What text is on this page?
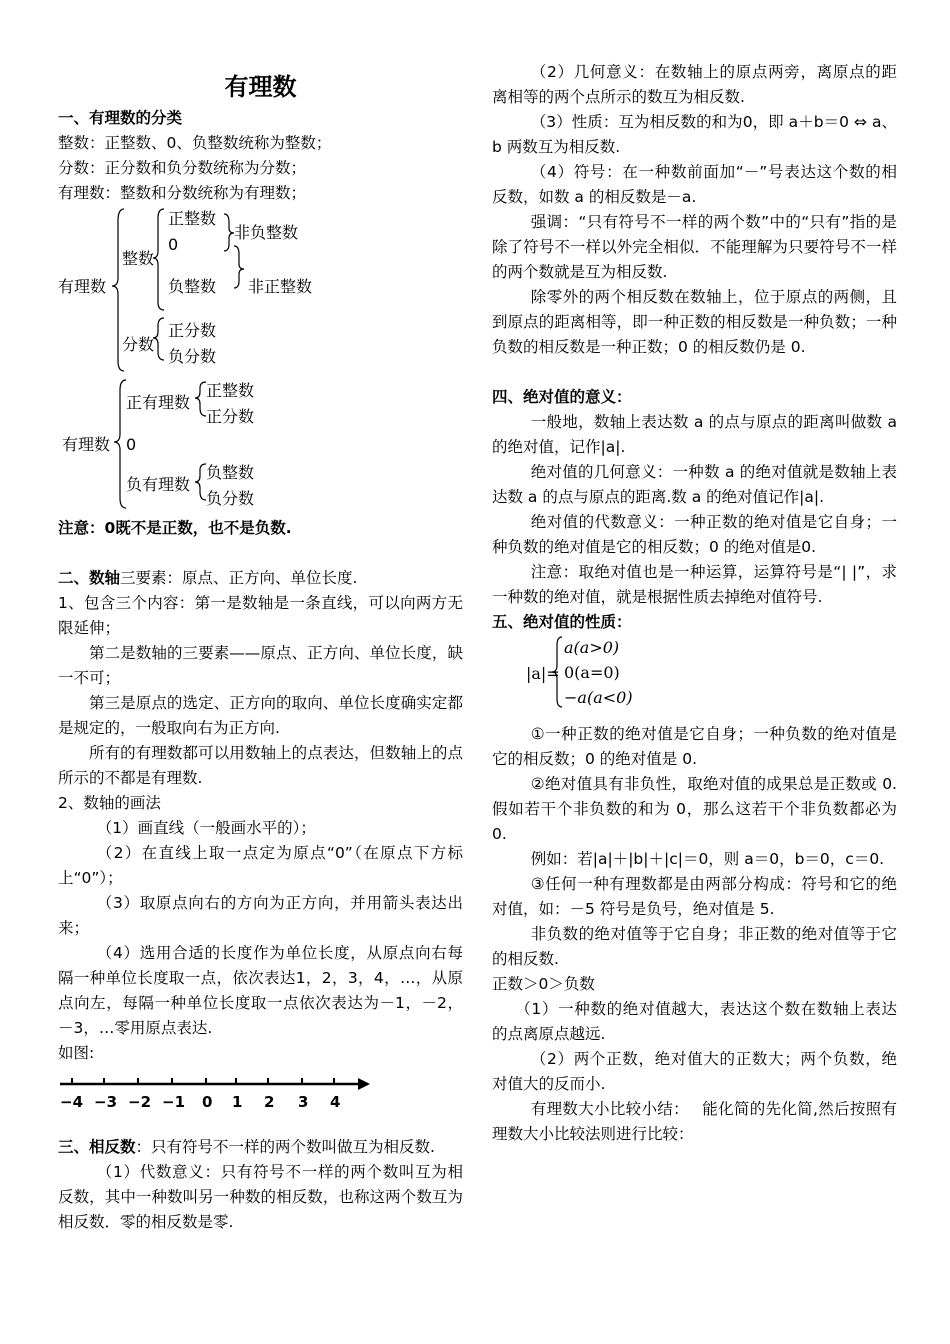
有理数

一、有理数的分类

整数：正整数、0、负整数统称为整数；

分数：正分数和负分数统称为分数；

有理数：整数和分数统称为有理数；

有理数
整数
正整数
0
负整数
非负整数
非正整数
分数
正分数
负分数
有理数
正有理数
正整数
正分数
0
负有理数
负整数
负分数

注意：0既不是正数，也不是负数.

二、数轴三要素：原点、正方向、单位长度.

1、包含三个内容：第一是数轴是一条直线，可以向两方无限延伸；

第二是数轴的三要素——原点、正方向、单位长度，缺一不可；

第三是原点的选定、正方向的取向、单位长度确实定都是规定的，一般取向右为正方向.

所有的有理数都可以用数轴上的点表达，但数轴上的点所示的不都是有理数.

2、数轴的画法

（1）画直线（一般画水平的）；

（2）在直线上取一点定为原点“0”（在原点下方标上“0”）；

（3）取原点向右的方向为正方向，并用箭头表达出来；

（4）选用合适的长度作为单位长度，从原点向右每隔一种单位长度取一点，依次表达1，2，3，4，…，从原点向左，每隔一种单位长度取一点依次表达为－1，－2，－3，…零用原点表达.

如图:

−4 −3 −2 −1 0 1 2 3 4

三、相反数：只有符号不一样的两个数叫做互为相反数.

（1）代数意义：只有符号不一样的两个数叫互为相反数，其中一种数叫另一种数的相反数，也称这两个数互为相反数．零的相反数是零.

（2）几何意义：在数轴上的原点两旁，离原点的距离相等的两个点所示的数互为相反数.

（3）性质：互为相反数的和为0，即 a＋b＝0 ⇔ a、b 两数互为相反数.

（4）符号：在一种数前面加“－”号表达这个数的相反数，如数 a 的相反数是－a.

强调：“只有符号不一样的两个数”中的“只有”指的是除了符号不一样以外完全相似．不能理解为只要符号不一样的两个数就是互为相反数.

除零外的两个相反数在数轴上，位于原点的两侧，且到原点的距离相等，即一种正数的相反数是一种负数；一种负数的相反数是一种正数；0 的相反数仍是 0.

四、绝对值的意义：

一般地，数轴上表达数 a 的点与原点的距离叫做数 a 的绝对值，记作|a|.

绝对值的几何意义：一种数 a 的绝对值就是数轴上表达数 a 的点与原点的距离.数 a 的绝对值记作|a|.

绝对值的代数意义：一种正数的绝对值是它自身；一种负数的绝对值是它的相反数；0 的绝对值是0.

注意：取绝对值也是一种运算，运算符号是“| |”，求一种数的绝对值，就是根据性质去掉绝对值符号.

五、绝对值的性质：

|a|=
a(a>0)
0(a=0)
−a(a<0)

①一种正数的绝对值是它自身；一种负数的绝对值是它的相反数；0 的绝对值是 0.

②绝对值具有非负性，取绝对值的成果总是正数或 0. 假如若干个非负数的和为 0，那么这若干个非负数都必为 0.

例如：若|a|＋|b|＋|c|＝0，则 a＝0，b＝0，c＝0.

③任何一种有理数都是由两部分构成：符号和它的绝对值，如：－5 符号是负号，绝对值是 5.

非负数的绝对值等于它自身；非正数的绝对值等于它的相反数.

正数＞0＞负数

（1）一种数的绝对值越大，表达这个数在数轴上表达的点离原点越远.

（2）两个正数，绝对值大的正数大；两个负数，绝对值大的反而小.

有理数大小比较小结：　 能化简的先化简,然后按照有理数大小比较法则进行比较：
